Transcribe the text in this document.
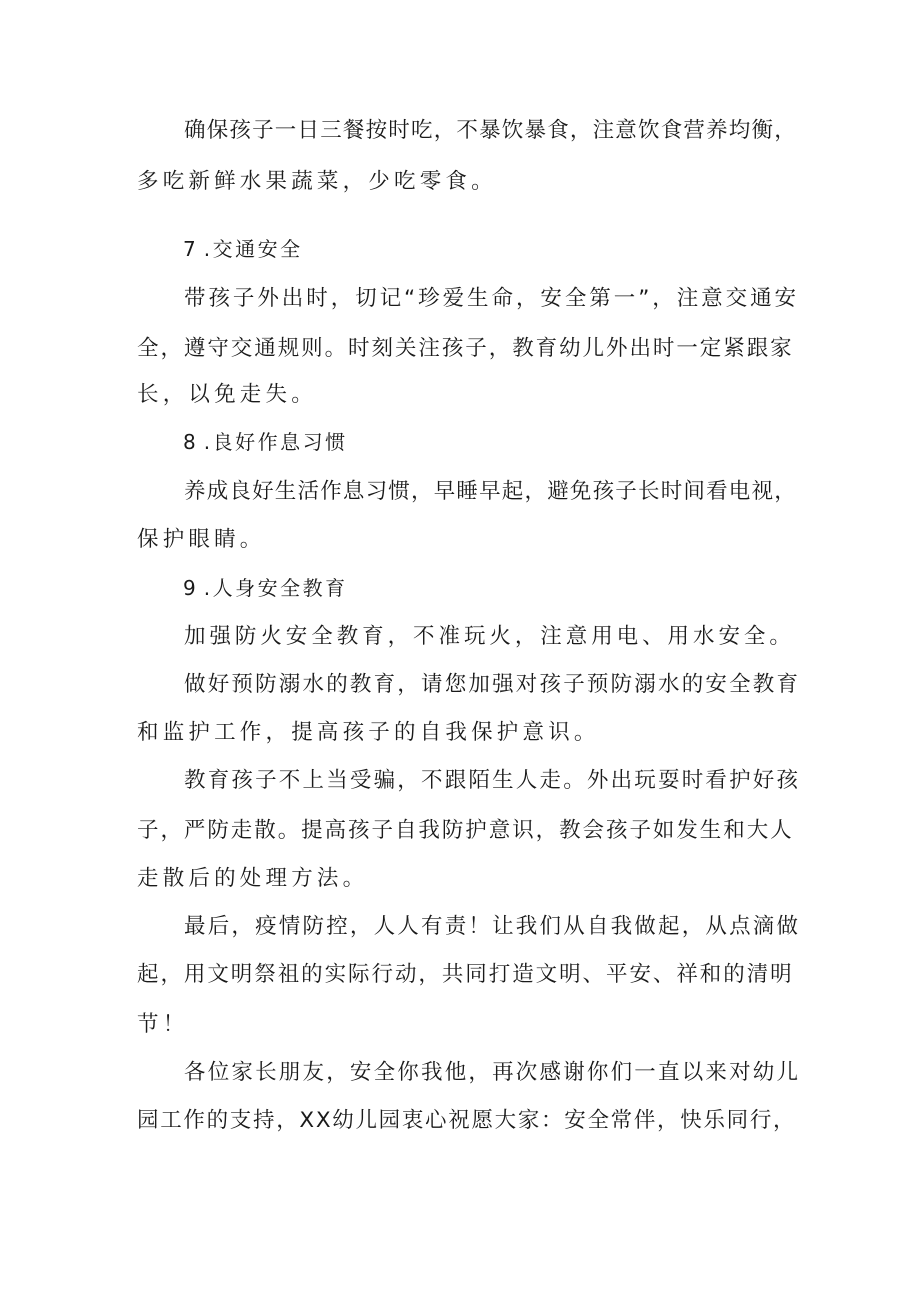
确保孩子一日三餐按时吃，不暴饮暴食，注意饮食营养均衡，
多吃新鲜水果蔬菜，少吃零食。
7.交通安全
带孩子外出时，切记“珍爱生命，安全第一”，注意交通安
全，遵守交通规则。时刻关注孩子，教育幼儿外出时一定紧跟家
长，以免走失。
8.良好作息习惯
养成良好生活作息习惯，早睡早起，避免孩子长时间看电视，
保护眼睛。
9.人身安全教育
加强防火安全教育，不准玩火，注意用电、用水安全。
做好预防溺水的教育，请您加强对孩子预防溺水的安全教育
和监护工作，提高孩子的自我保护意识。
教育孩子不上当受骗，不跟陌生人走。外出玩耍时看护好孩
子，严防走散。提高孩子自我防护意识，教会孩子如发生和大人
走散后的处理方法。
最后，疫情防控，人人有责！让我们从自我做起，从点滴做
起，用文明祭祖的实际行动，共同打造文明、平安、祥和的清明
节！
各位家长朋友，安全你我他，再次感谢你们一直以来对幼儿
园工作的支持，XX幼儿园衷心祝愿大家：安全常伴，快乐同行，
